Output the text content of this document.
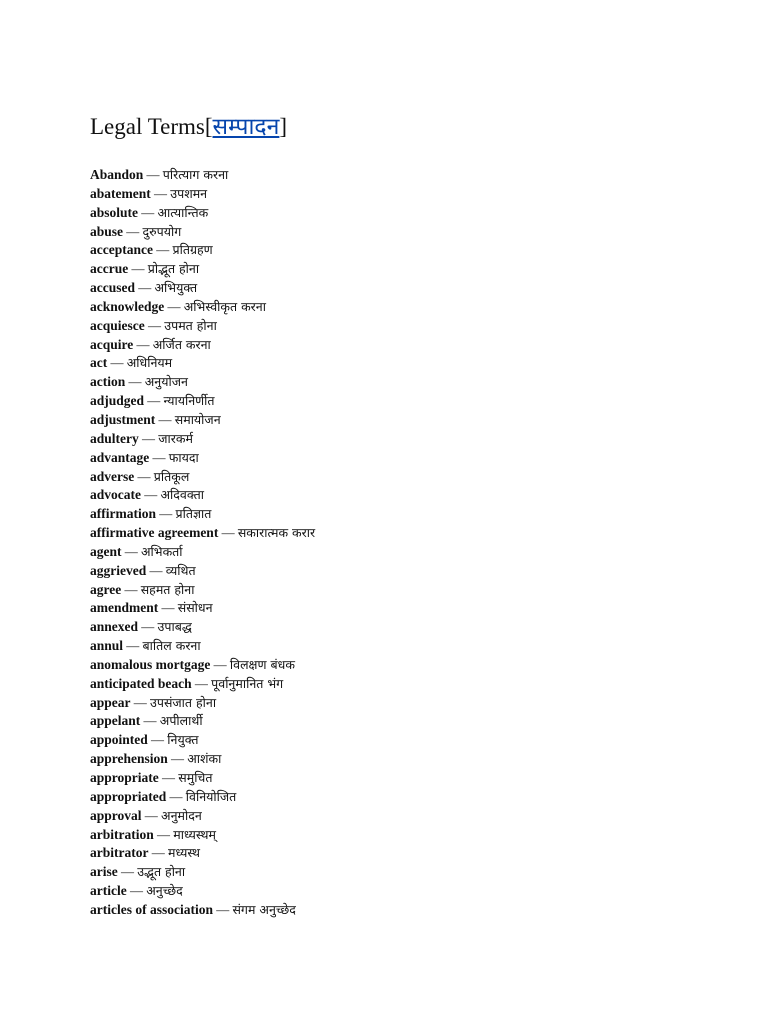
Legal Terms[सम्पादन]
Abandon — परित्याग करना
abatement — उपशमन
absolute — आत्यान्तिक
abuse — दुरुपयोग
acceptance — प्रतिग्रहण
accrue — प्रोद्भूत होना
accused — अभियुक्त
acknowledge — अभिस्वीकृत करना
acquiesce — उपमत होना
acquire — अर्जित करना
act — अधिनियम
action — अनुयोजन
adjudged — न्यायनिर्णीत
adjustment — समायोजन
adultery — जारकर्म
advantage — फायदा
adverse — प्रतिकूल
advocate — अदिवक्ता
affirmation — प्रतिज्ञात
affirmative agreement — सकारात्मक करार
agent — अभिकर्ता
aggrieved — व्यथित
agree — सहमत होना
amendment — संसोधन
annexed — उपाबद्ध
annul — बातिल करना
anomalous mortgage — विलक्षण बंधक
anticipated beach — पूर्वानुमानित भंग
appear — उपसंजात होना
appelant — अपीलार्थी
appointed — नियुक्त
apprehension — आशंका
appropriate — समुचित
appropriated — विनियोजित
approval — अनुमोदन
arbitration — माध्यस्थम्
arbitrator — मध्यस्थ
arise — उद्भूत होना
article — अनुच्छेद
articles of association — संगम अनुच्छेद
